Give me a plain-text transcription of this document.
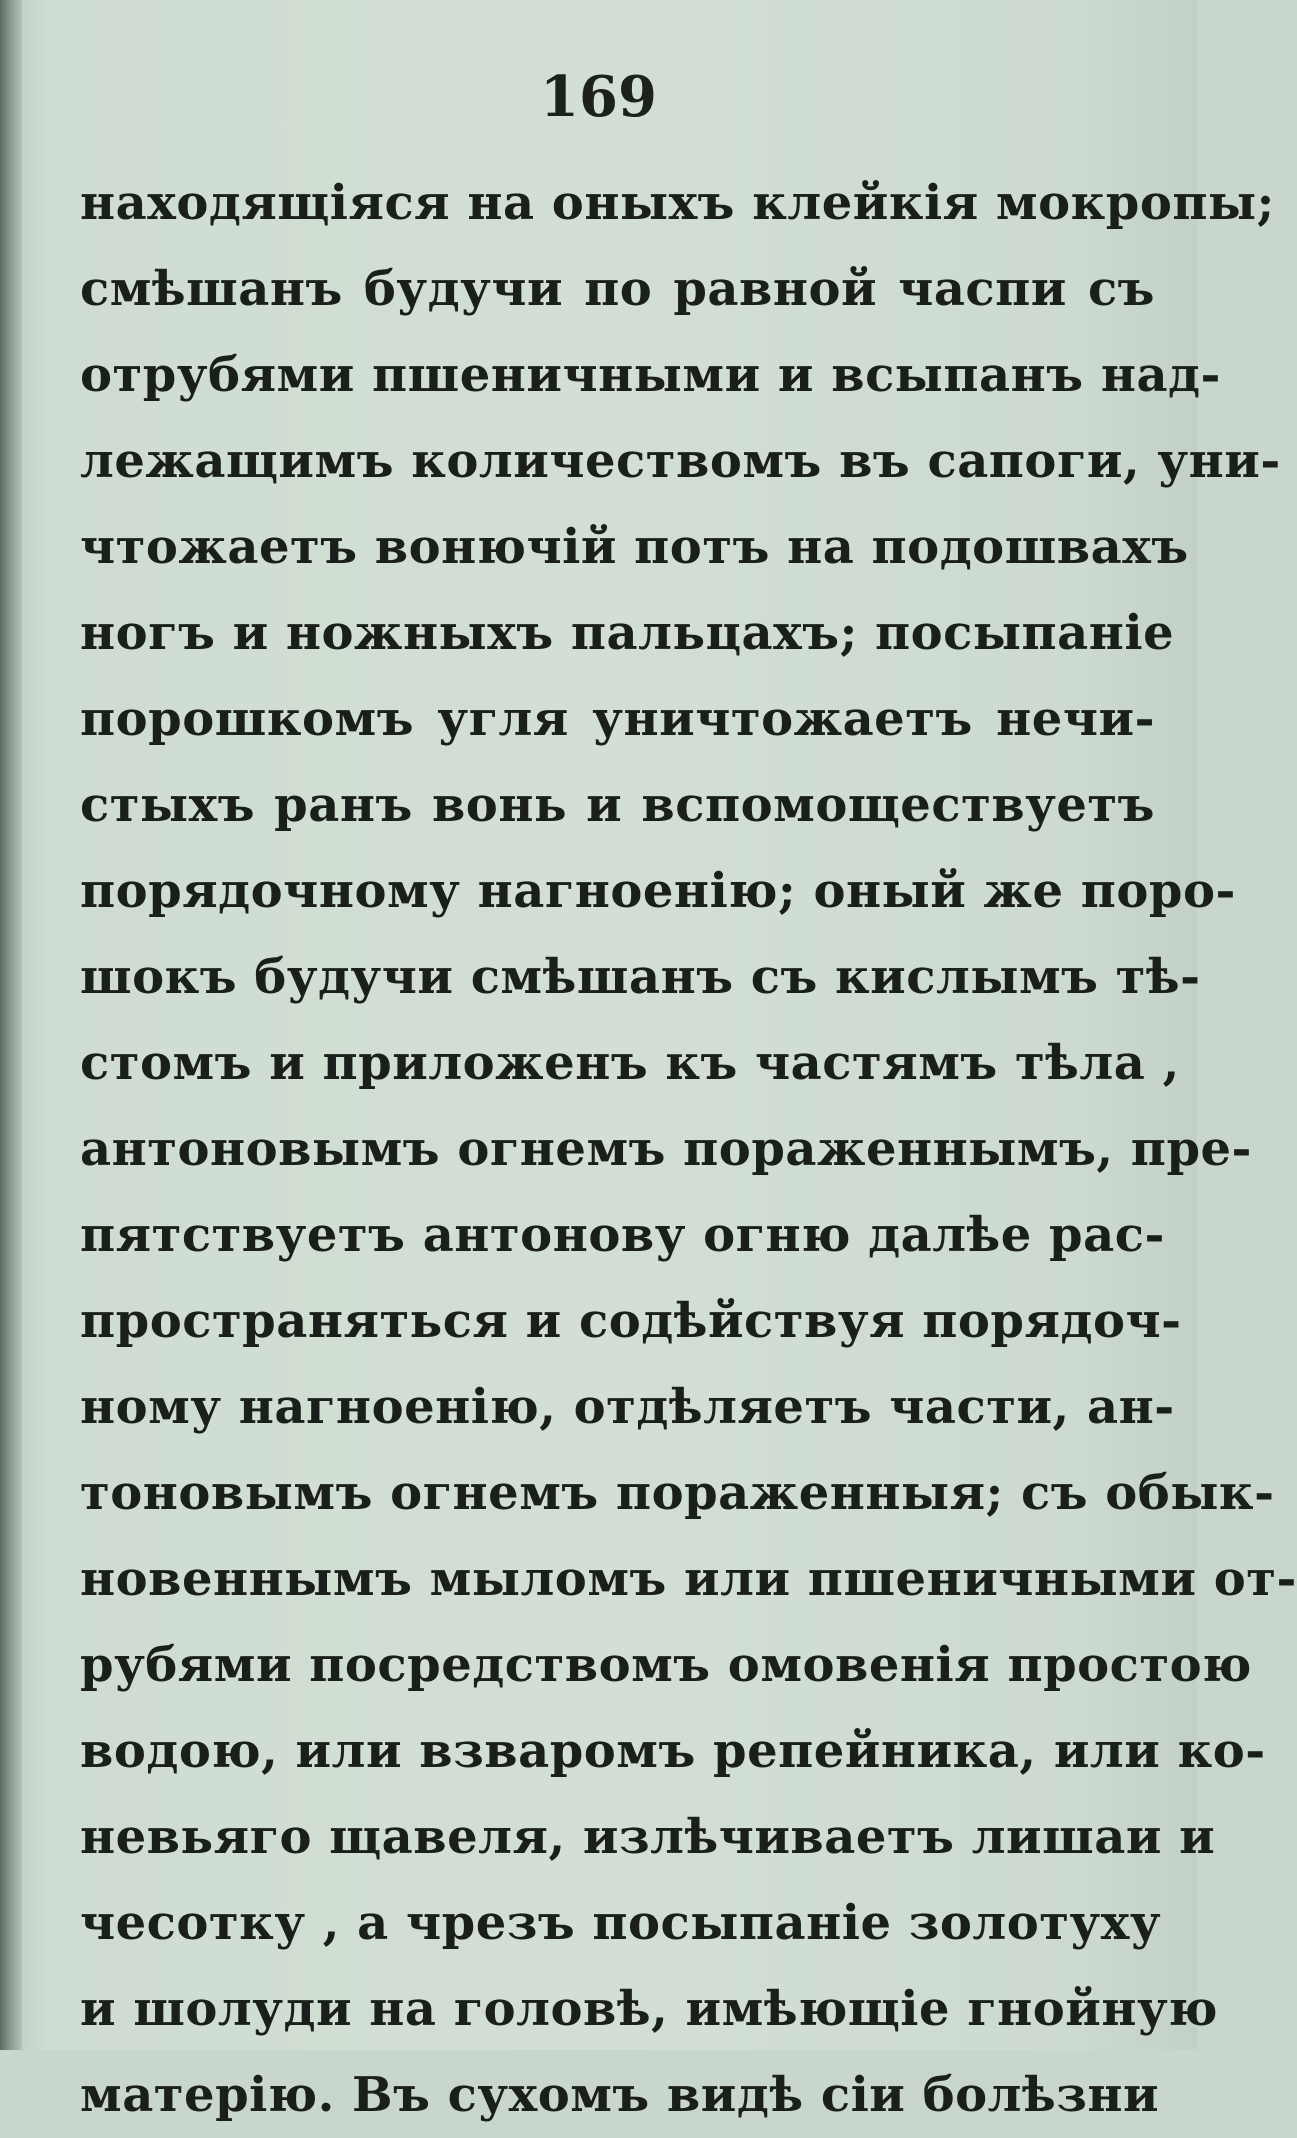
169
находящіяся на оныхъ клейкія мокропы;
смѣшанъ будучи по равной часпи съ
отрубями пшеничными и всыпанъ над-
лежащимъ количествомъ въ сапоги, уни-
чтожаетъ вонючій потъ на подошвахъ
ногъ и ножныхъ пальцахъ; посыпаніе
порошкомъ угля уничтожаетъ нечи-
стыхъ ранъ вонь и вспомоществуетъ
порядочному нагноенію; оный же поро-
шокъ будучи смѣшанъ съ кислымъ тѣ-
стомъ и приложенъ къ частямъ тѣла ,
антоновымъ огнемъ пораженнымъ, пре-
пятствуетъ антонову огню далѣе рас-
пространяться и содѣйствуя порядоч-
ному нагноенію, отдѣляетъ части, ан-
тоновымъ огнемъ пораженныя; съ обык-
новеннымъ мыломъ или пшеничными от-
рубями посредствомъ омовенія простою
водою, или взваромъ репейника, или ко-
невьяго щавеля, излѣчиваетъ лишаи и
чесотку , а чрезъ посыпаніе золотуху
и шолуди на головѣ, имѣющіе гнойную
матерію. Въ сухомъ видѣ сіи болѣзни
